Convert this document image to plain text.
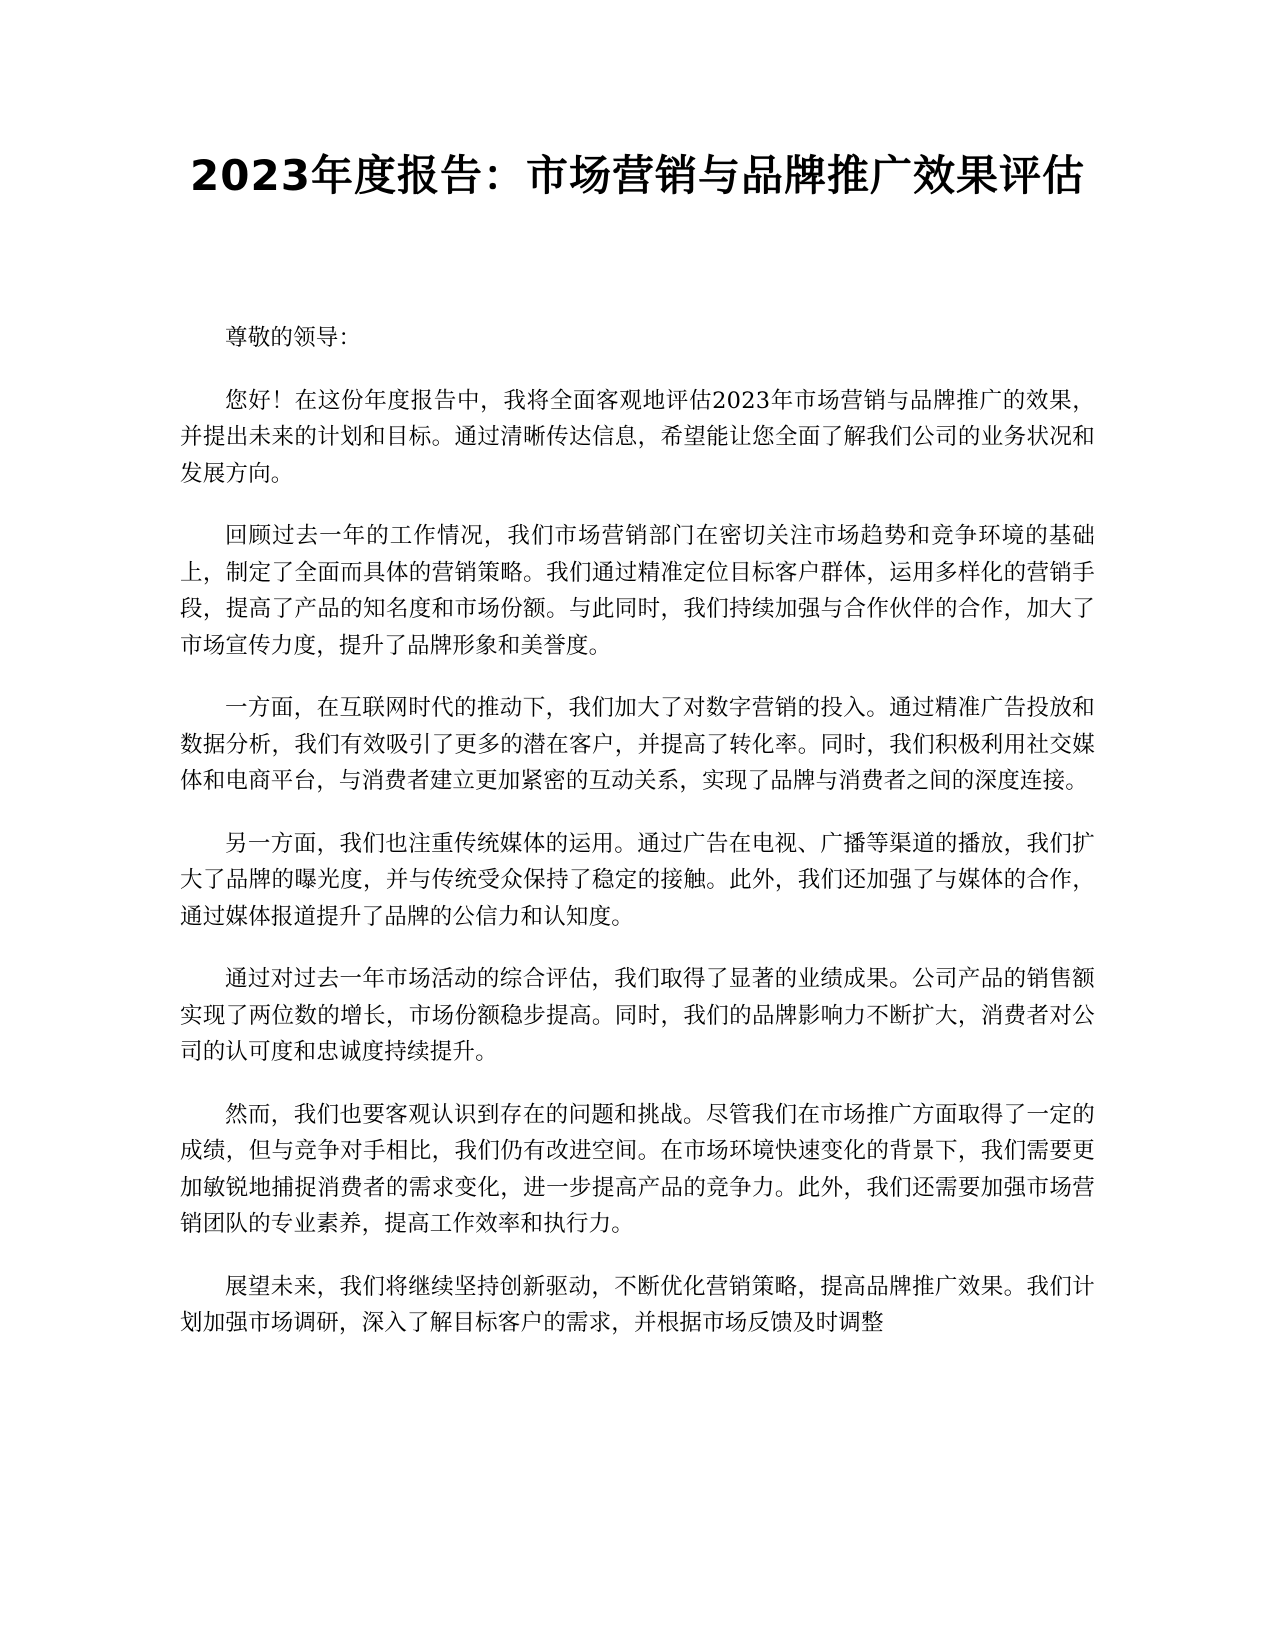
2023年度报告：市场营销与品牌推广效果评估

尊敬的领导：

您好！在这份年度报告中，我将全面客观地评估2023年市场营销与品牌推广的效果，并提出未来的计划和目标。通过清晰传达信息，希望能让您全面了解我们公司的业务状况和发展方向。

回顾过去一年的工作情况，我们市场营销部门在密切关注市场趋势和竞争环境的基础上，制定了全面而具体的营销策略。我们通过精准定位目标客户群体，运用多样化的营销手段，提高了产品的知名度和市场份额。与此同时，我们持续加强与合作伙伴的合作，加大了市场宣传力度，提升了品牌形象和美誉度。

一方面，在互联网时代的推动下，我们加大了对数字营销的投入。通过精准广告投放和数据分析，我们有效吸引了更多的潜在客户，并提高了转化率。同时，我们积极利用社交媒体和电商平台，与消费者建立更加紧密的互动关系，实现了品牌与消费者之间的深度连接。

另一方面，我们也注重传统媒体的运用。通过广告在电视、广播等渠道的播放，我们扩大了品牌的曝光度，并与传统受众保持了稳定的接触。此外，我们还加强了与媒体的合作，通过媒体报道提升了品牌的公信力和认知度。

通过对过去一年市场活动的综合评估，我们取得了显著的业绩成果。公司产品的销售额实现了两位数的增长，市场份额稳步提高。同时，我们的品牌影响力不断扩大，消费者对公司的认可度和忠诚度持续提升。

然而，我们也要客观认识到存在的问题和挑战。尽管我们在市场推广方面取得了一定的成绩，但与竞争对手相比，我们仍有改进空间。在市场环境快速变化的背景下，我们需要更加敏锐地捕捉消费者的需求变化，进一步提高产品的竞争力。此外，我们还需要加强市场营销团队的专业素养，提高工作效率和执行力。

展望未来，我们将继续坚持创新驱动，不断优化营销策略，提高品牌推广效果。我们计划加强市场调研，深入了解目标客户的需求，并根据市场反馈及时调整
